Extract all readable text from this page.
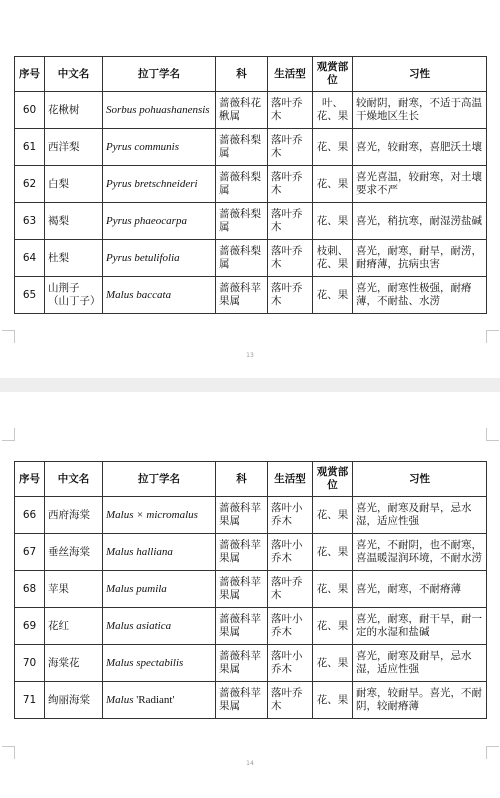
序号	中文名	拉丁学名	科	生活型	观赏部位	习性
60	花楸树	Sorbus pohuashanensis	蔷薇科花楸属	落叶乔木	叶、花、果	较耐阴，耐寒，不适于高温干燥地区生长
61	西洋梨	Pyrus communis	蔷薇科梨属	落叶乔木	花、果	喜光，较耐寒，喜肥沃土壤
62	白梨	Pyrus bretschneideri	蔷薇科梨属	落叶乔木	花、果	喜光喜温，较耐寒，对土壤要求不严
63	褐梨	Pyrus phaeocarpa	蔷薇科梨属	落叶乔木	花、果	喜光，稍抗寒，耐湿涝盐碱
64	杜梨	Pyrus betulifolia	蔷薇科梨属	落叶乔木	枝刺、花、果	喜光，耐寒，耐旱，耐涝，耐瘠薄，抗病虫害
65	山荆子（山丁子）	Malus baccata	蔷薇科苹果属	落叶乔木	花、果	喜光，耐寒性极强，耐瘠薄，不耐盐、水涝
13
序号	中文名	拉丁学名	科	生活型	观赏部位	习性
66	西府海棠	Malus × micromalus	蔷薇科苹果属	落叶小乔木	花、果	喜光，耐寒及耐旱，忌水湿，适应性强
67	垂丝海棠	Malus halliana	蔷薇科苹果属	落叶小乔木	花、果	喜光，不耐阴，也不耐寒，喜温暖湿润环境，不耐水涝
68	苹果	Malus pumila	蔷薇科苹果属	落叶乔木	花、果	喜光，耐寒，不耐瘠薄
69	花红	Malus asiatica	蔷薇科苹果属	落叶小乔木	花、果	喜光，耐寒，耐干旱，耐一定的水湿和盐碱
70	海棠花	Malus spectabilis	蔷薇科苹果属	落叶小乔木	花、果	喜光，耐寒及耐旱，忌水湿，适应性强
71	绚丽海棠	Malus 'Radiant'	蔷薇科苹果属	落叶乔木	花、果	耐寒，较耐旱。喜光，不耐阴，较耐瘠薄
14
